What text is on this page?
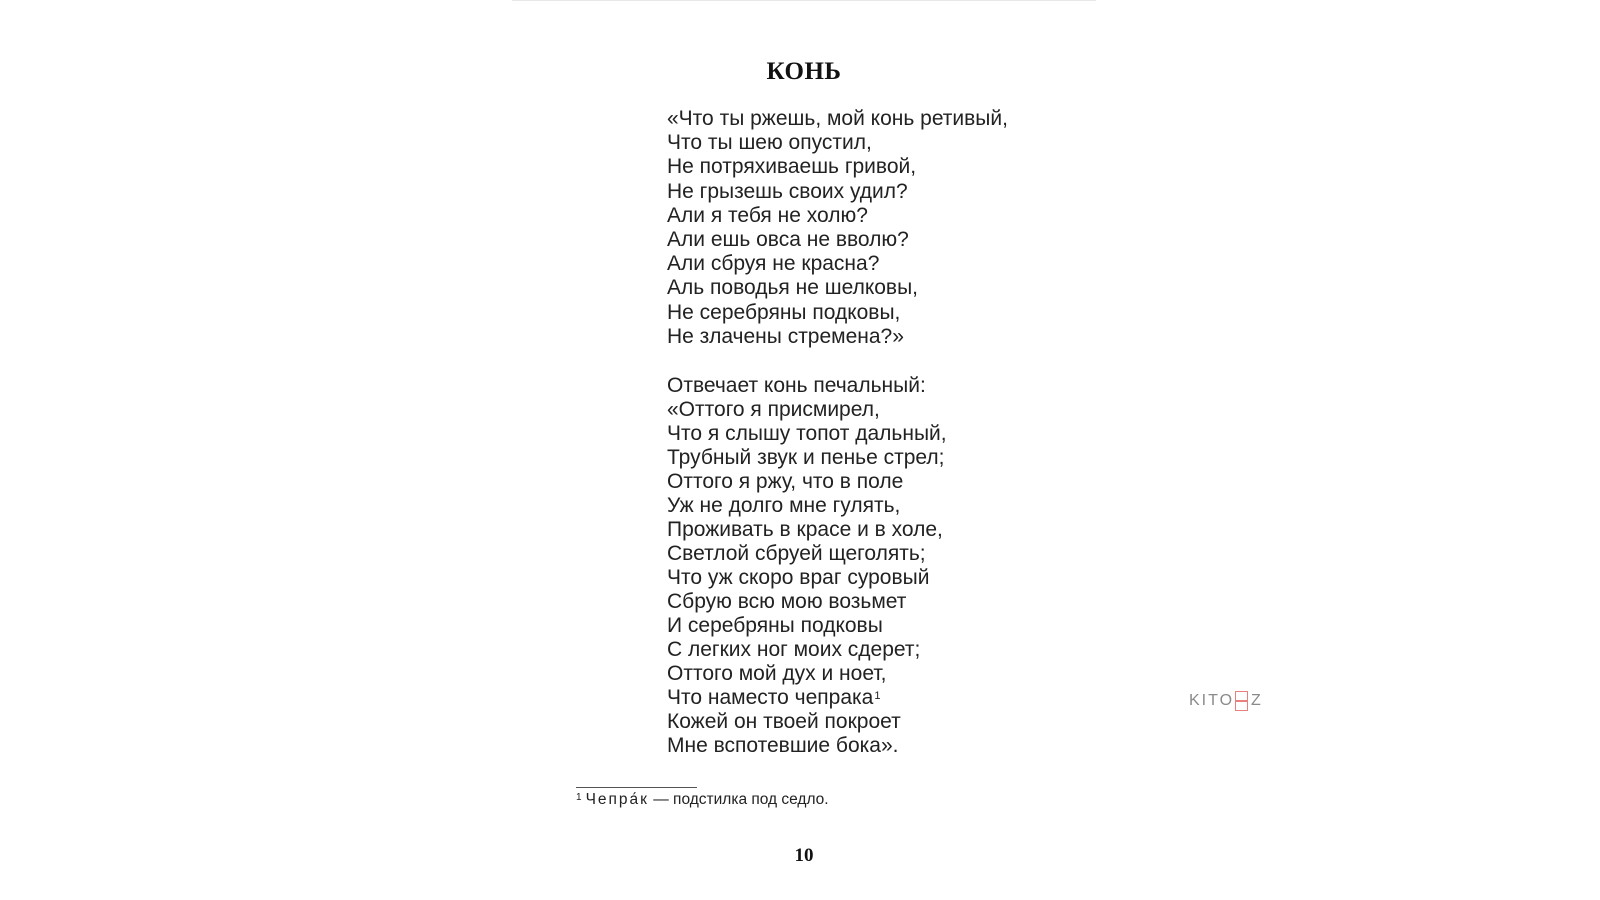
КОНЬ
«Что ты ржешь, мой конь ретивый,
Что ты шею опустил,
Не потряхиваешь гривой,
Не грызешь своих удил?
Али я тебя не холю?
Али ешь овса не вволю?
Али сбруя не красна?
Аль поводья не шелковы,
Не серебряны подковы,
Не злачены стремена?»
Отвечает конь печальный:
«Оттого я присмирел,
Что я слышу топот дальный,
Трубный звук и пенье стрел;
Оттого я ржу, что в поле
Уж не долго мне гулять,
Проживать в красе и в холе,
Светлой сбруей щеголять;
Что уж скоро враг суровый
Сбрую всю мою возьмет
И серебряны подковы
С легких ног моих сдерет;
Оттого мой дух и ноет,
Что наместо чепрака$^1$
Кожей он твоей покроет
Мне вспотевшие бока».
$^1$ Чепра́к — подстилка под седло.
10
KITO Z
